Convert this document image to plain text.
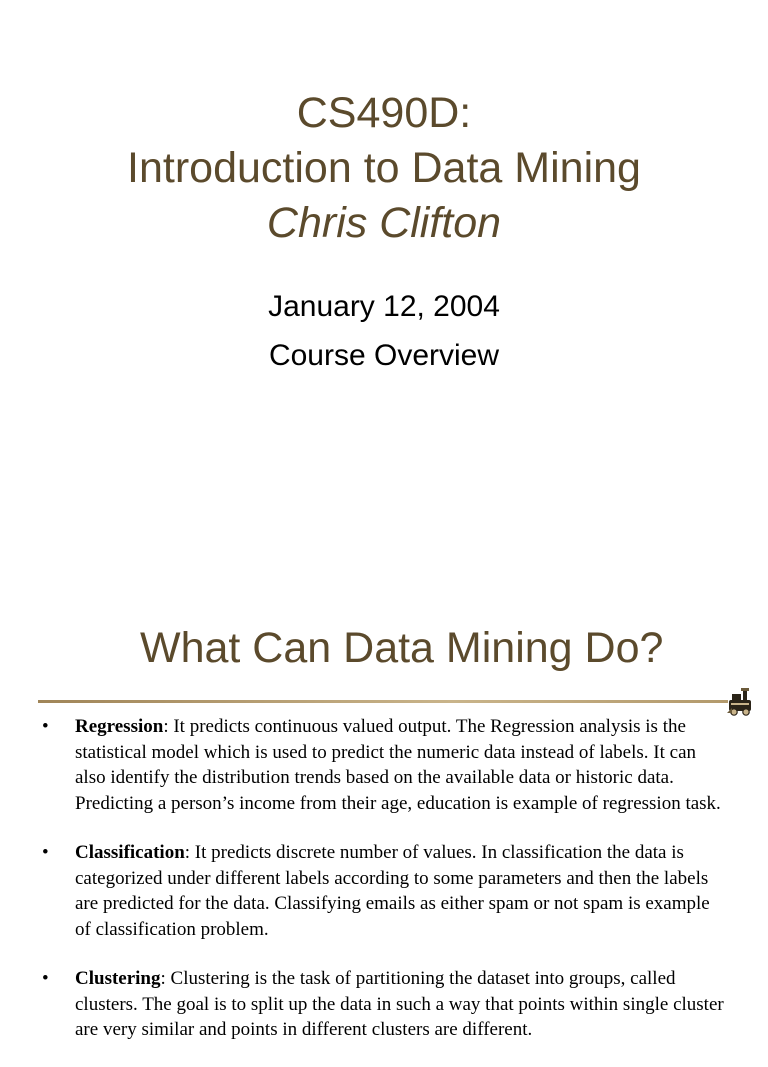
CS490D:
Introduction to Data Mining
Chris Clifton
January 12, 2004
Course Overview
What Can Data Mining Do?
• Regression: It predicts continuous valued output. The Regression analysis is the statistical model which is used to predict the numeric data instead of labels. It can also identify the distribution trends based on the available data or historic data. Predicting a person’s income from their age, education is example of regression task.
• Classification: It predicts discrete number of values. In classification the data is categorized under different labels according to some parameters and then the labels are predicted for the data. Classifying emails as either spam or not spam is example of classification problem.
• Clustering: Clustering is the task of partitioning the dataset into groups, called clusters. The goal is to split up the data in such a way that points within single cluster are very similar and points in different clusters are different.
